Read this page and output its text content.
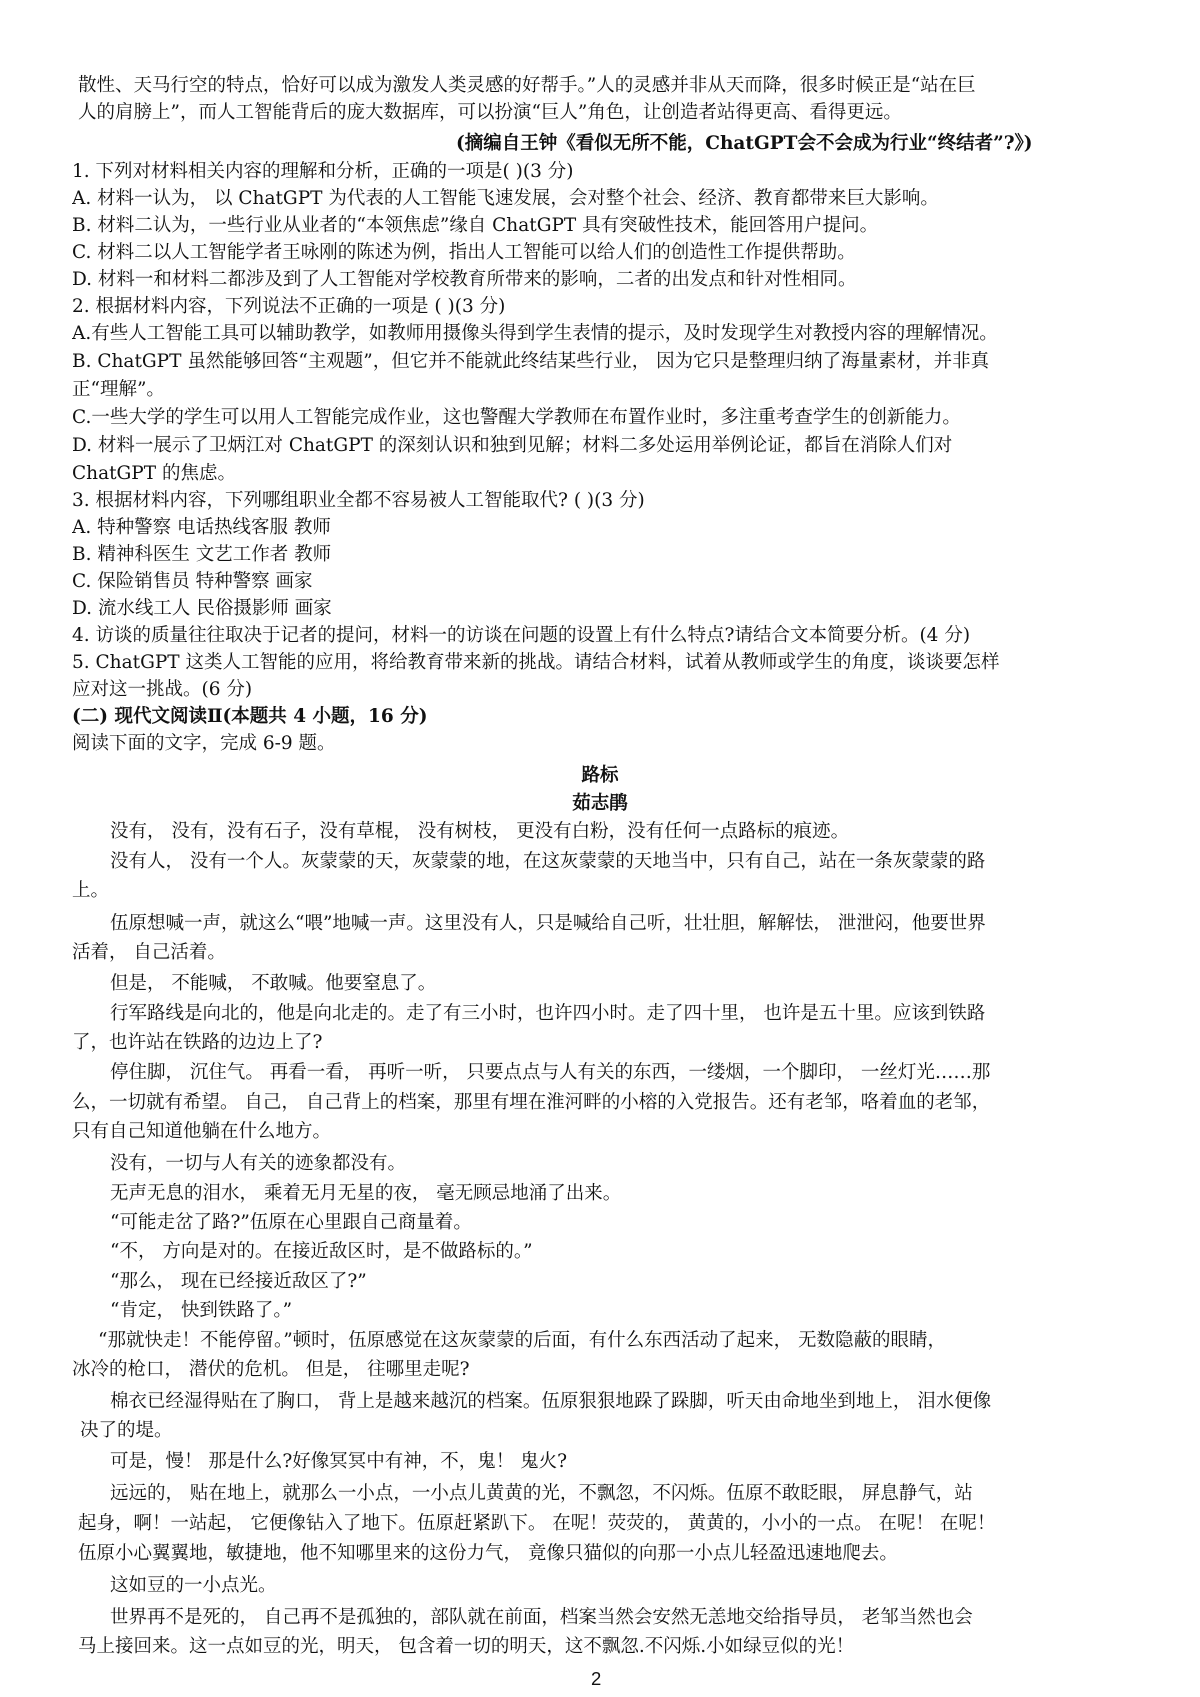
散性、天马行空的特点，恰好可以成为激发人类灵感的好帮手。”人的灵感并非从天而降，很多时候正是“站在巨
人的肩膀上”，而人工智能背后的庞大数据库，可以扮演“巨人”角色，让创造者站得更高、看得更远。
(摘编自王钟《看似无所不能，ChatGPT会不会成为行业“终结者”?》)
1. 下列对材料相关内容的理解和分析，正确的一项是( )(3 分)
A. 材料一认为， 以 ChatGPT 为代表的人工智能飞速发展，会对整个社会、经济、教育都带来巨大影响。
B. 材料二认为，一些行业从业者的“本领焦虑”缘自 ChatGPT 具有突破性技术，能回答用户提问。
C. 材料二以人工智能学者王咏刚的陈述为例，指出人工智能可以给人们的创造性工作提供帮助。
D. 材料一和材料二都涉及到了人工智能对学校教育所带来的影响，二者的出发点和针对性相同。
2. 根据材料内容，下列说法不正确的一项是 ( )(3 分)
A.有些人工智能工具可以辅助教学，如教师用摄像头得到学生表情的提示，及时发现学生对教授内容的理解情况。
B. ChatGPT 虽然能够回答“主观题”，但它并不能就此终结某些行业， 因为它只是整理归纳了海量素材，并非真
正“理解”。
C.一些大学的学生可以用人工智能完成作业，这也警醒大学教师在布置作业时，多注重考查学生的创新能力。
D. 材料一展示了卫炳江对 ChatGPT 的深刻认识和独到见解；材料二多处运用举例论证，都旨在消除人们对
ChatGPT 的焦虑。
3. 根据材料内容，下列哪组职业全都不容易被人工智能取代? ( )(3 分)
A. 特种警察 电话热线客服 教师
B. 精神科医生 文艺工作者 教师
C. 保险销售员 特种警察 画家
D. 流水线工人 民俗摄影师 画家
4. 访谈的质量往往取决于记者的提问，材料一的访谈在问题的设置上有什么特点?请结合文本简要分析。(4 分)
5. ChatGPT 这类人工智能的应用，将给教育带来新的挑战。请结合材料，试着从教师或学生的角度，谈谈要怎样
应对这一挑战。(6 分)
(二) 现代文阅读Ⅱ(本题共 4 小题，16 分)
阅读下面的文字，完成 6-9 题。
路标
茹志鹃
没有， 没有，没有石子，没有草棍， 没有树枝， 更没有白粉，没有任何一点路标的痕迹。
没有人， 没有一个人。灰蒙蒙的天，灰蒙蒙的地，在这灰蒙蒙的天地当中，只有自己，站在一条灰蒙蒙的路
上。
伍原想喊一声，就这么“喂”地喊一声。这里没有人，只是喊给自己听，壮壮胆，解解怯， 泄泄闷，他要世界
活着， 自己活着。
但是， 不能喊， 不敢喊。他要窒息了。
行军路线是向北的，他是向北走的。走了有三小时，也许四小时。走了四十里， 也许是五十里。应该到铁路
了，也许站在铁路的边边上了?
停住脚， 沉住气。 再看一看， 再听一听， 只要点点与人有关的东西，一缕烟，一个脚印， 一丝灯光……那
么，一切就有希望。 自己， 自己背上的档案，那里有埋在淮河畔的小榕的入党报告。还有老邹，咯着血的老邹，
只有自己知道他躺在什么地方。
没有，一切与人有关的迹象都没有。
无声无息的泪水， 乘着无月无星的夜， 毫无顾忌地涌了出来。
“可能走岔了路?”伍原在心里跟自己商量着。
“不， 方向是对的。在接近敌区时，是不做路标的。”
“那么， 现在已经接近敌区了?”
“肯定， 快到铁路了。”
“那就快走！不能停留。”顿时，伍原感觉在这灰蒙蒙的后面，有什么东西活动了起来， 无数隐蔽的眼睛，
冰冷的枪口， 潜伏的危机。 但是， 往哪里走呢?
棉衣已经湿得贴在了胸口， 背上是越来越沉的档案。伍原狠狠地跺了跺脚，听天由命地坐到地上， 泪水便像
决了的堤。
可是，慢！ 那是什么?好像冥冥中有神，不，鬼！ 鬼火?
远远的， 贴在地上，就那么一小点，一小点儿黄黄的光，不飘忽，不闪烁。伍原不敢眨眼， 屏息静气，站
起身，啊！一站起， 它便像钻入了地下。伍原赶紧趴下。 在呢！荧荧的， 黄黄的，小小的一点。 在呢！ 在呢！
伍原小心翼翼地，敏捷地，他不知哪里来的这份力气， 竟像只猫似的向那一小点儿轻盈迅速地爬去。
这如豆的一小点光。
世界再不是死的， 自己再不是孤独的，部队就在前面，档案当然会安然无恙地交给指导员， 老邹当然也会
马上接回来。这一点如豆的光，明天， 包含着一切的明天，这不飘忽.不闪烁.小如绿豆似的光！
2
